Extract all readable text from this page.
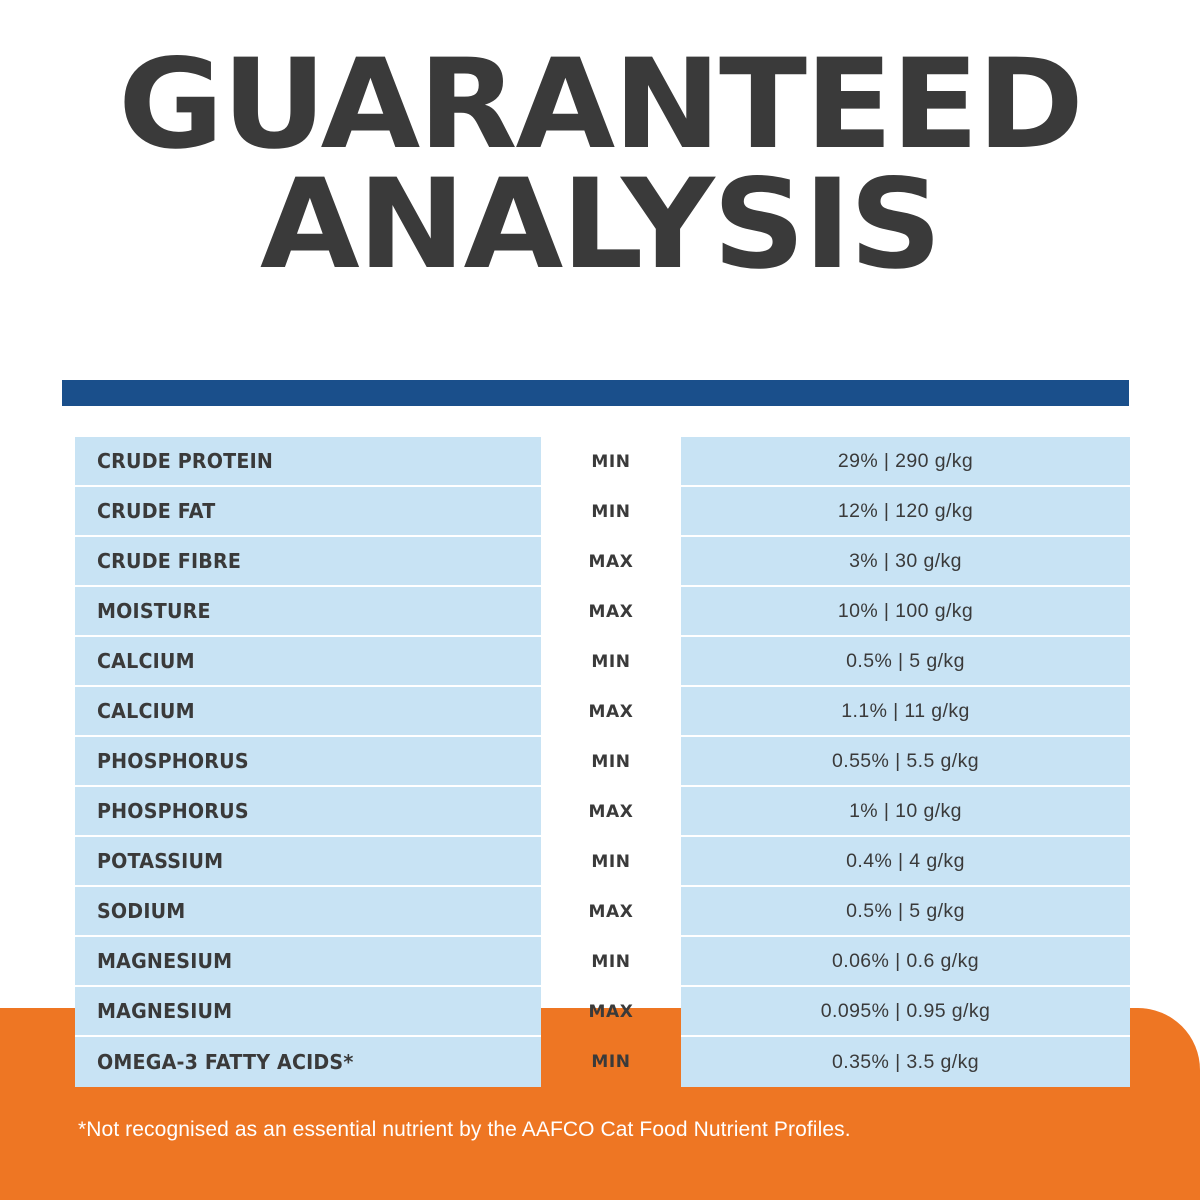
GUARANTEED
ANALYSIS
CRUDE PROTEIN	MIN	29% | 290 g/kg
CRUDE FAT	MIN	12% | 120 g/kg
CRUDE FIBRE	MAX	3% | 30 g/kg
MOISTURE	MAX	10% | 100 g/kg
CALCIUM	MIN	0.5% | 5 g/kg
CALCIUM	MAX	1.1% | 11 g/kg
PHOSPHORUS	MIN	0.55% | 5.5 g/kg
PHOSPHORUS	MAX	1% | 10 g/kg
POTASSIUM	MIN	0.4% | 4 g/kg
SODIUM	MAX	0.5% | 5 g/kg
MAGNESIUM	MIN	0.06% | 0.6 g/kg
MAGNESIUM	MAX	0.095% | 0.95 g/kg
OMEGA-3 FATTY ACIDS*	MIN	0.35% | 3.5 g/kg
*Not recognised as an essential nutrient by the AAFCO Cat Food Nutrient Profiles.
